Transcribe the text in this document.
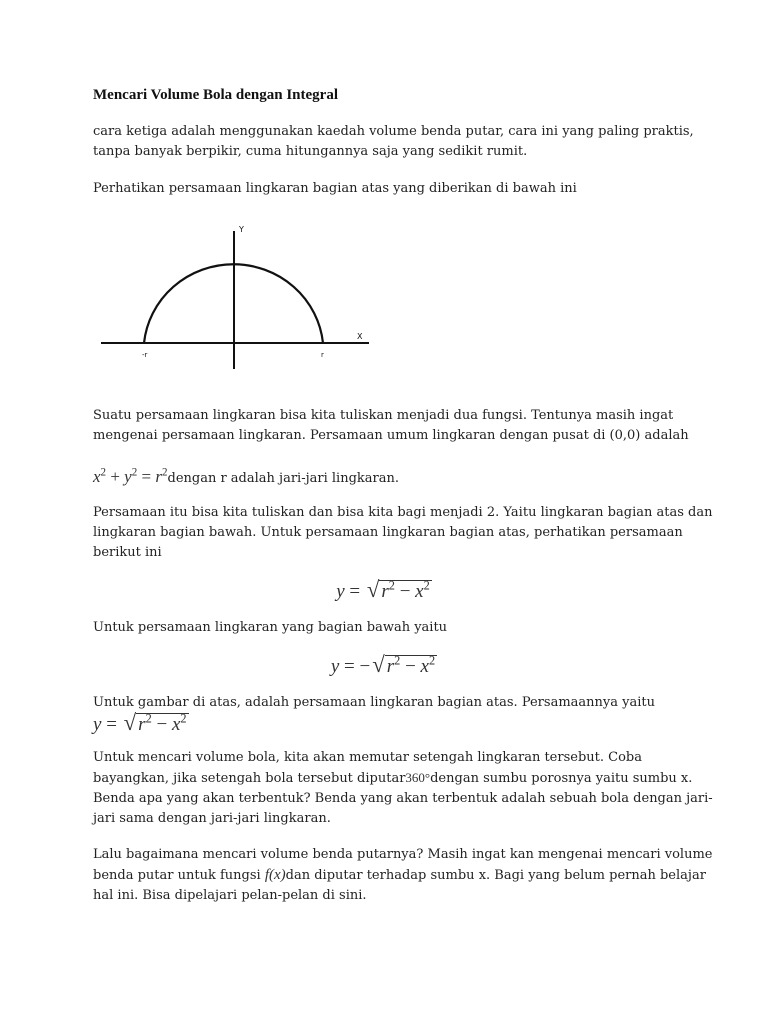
Mencari Volume Bola dengan Integral
cara ketiga adalah menggunakan kaedah volume benda putar, cara ini yang paling praktis,
tanpa banyak berpikir, cuma hitungannya saja yang sedikit rumit.
Perhatikan persamaan lingkaran bagian atas yang diberikan di bawah ini
Y
X
-r	r
Suatu persamaan lingkaran bisa kita tuliskan menjadi dua fungsi. Tentunya masih ingat
mengenai persamaan lingkaran. Persamaan umum lingkaran dengan pusat di (0,0) adalah
$x^2 + y^2$ = $r^2dengan$ r adalah jari-jari lingkaran.
Persamaan itu bisa kita tuliskan dan bisa kita bagi menjadi 2. Yaitu lingkaran bagian atas dan
lingkaran bagian bawah. Untuk persamaan lingkaran bagian atas, perhatikan persamaan
berikut ini
y = √ $r^2 - x^2$
Untuk persamaan lingkaran yang bagian bawah yaitu
y = −√ $r^2 - x^2$
Untuk gambar di atas, adalah persamaan lingkaran bagian atas. Persamaannya yaitu
y = √ $r^2 - x^2$
Untuk mencari volume bola, kita akan memutar setengah lingkaran tersebut. Coba
bayangkan, jika setengah bola tersebut diputar360°dengan sumbu porosnya yaitu sumbu x.
Benda apa yang akan terbentuk? Benda yang akan terbentuk adalah sebuah bola dengan jari-
jari sama dengan jari-jari lingkaran.
Lalu bagaimana mencari volume benda putarnya? Masih ingat kan mengenai mencari volume
benda putar untuk fungsi f(x)dan diputar terhadap sumbu x. Bagi yang belum pernah belajar
hal ini. Bisa dipelajari pelan-pelan di sini.
